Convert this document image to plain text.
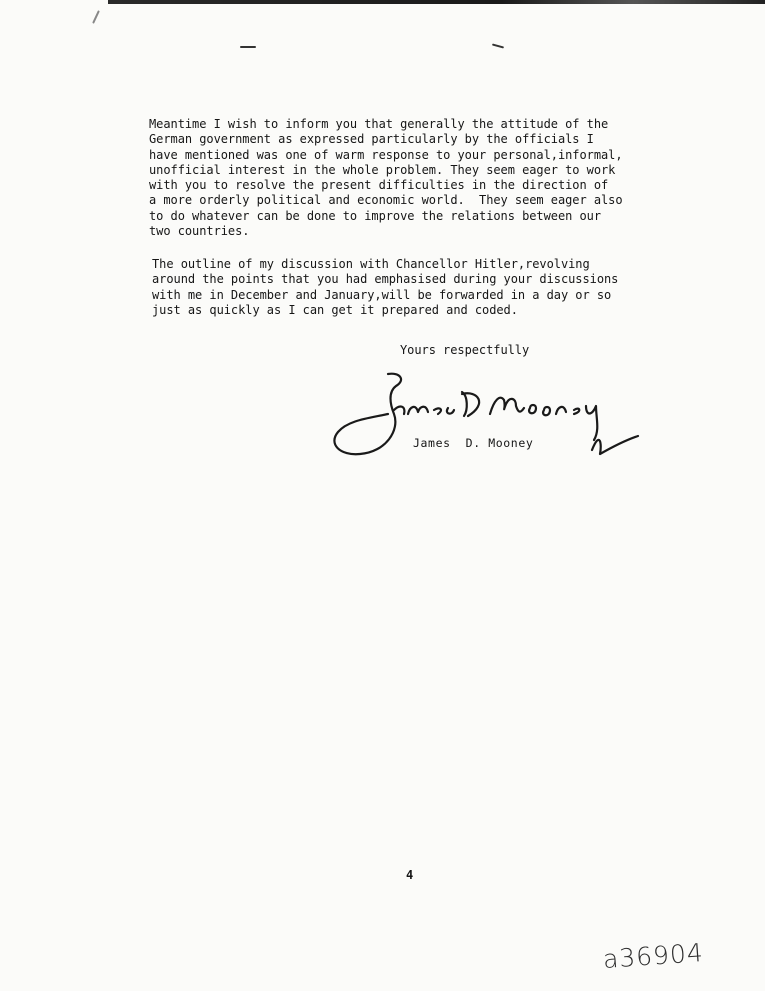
Meantime I wish to inform you that generally the attitude of the
German government as expressed particularly by the officials I
have mentioned was one of warm response to your personal,informal,
unofficial interest in the whole problem. They seem eager to work
with you to resolve the present difficulties in the direction of
a more orderly political and economic world.  They seem eager also
to do whatever can be done to improve the relations between our
two countries.
The outline of my discussion with Chancellor Hitler,revolving
around the points that you had emphasised during your discussions
with me in December and January,will be forwarded in a day or so
just as quickly as I can get it prepared and coded.
Yours respectfully
James  D. Mooney
4
a36904
